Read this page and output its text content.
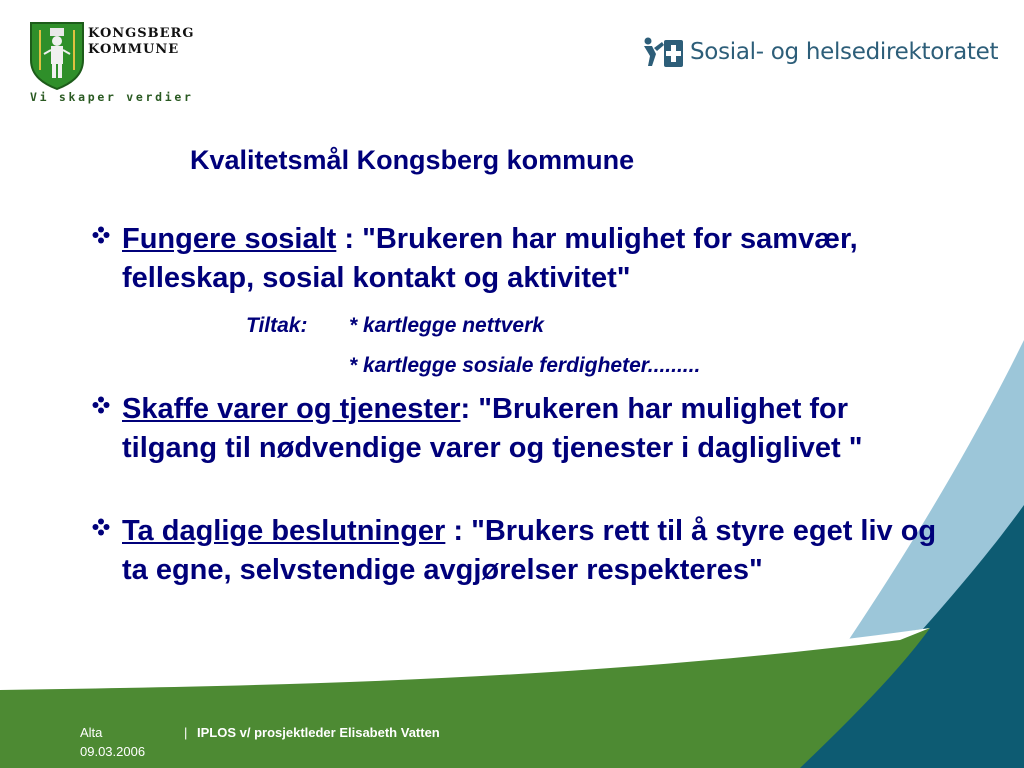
KONGSBERG
KOMMUNE
Vi skaper verdier
Sosial- og helsedirektoratet
Kvalitetsmål Kongsberg kommune
Fungere sosialt : "Brukeren har mulighet for samvær, felleskap, sosial kontakt og aktivitet"
Tiltak: * kartlegge nettverk
* kartlegge sosiale ferdigheter.........
Skaffe varer og tjenester: "Brukeren har mulighet for tilgang til nødvendige varer og tjenester i dagliglivet "
Ta daglige beslutninger : "Brukers rett til å styre eget liv og ta egne, selvstendige avgjørelser respekteres"
Alta
09.03.2006
| IPLOS v/ prosjektleder Elisabeth Vatten
